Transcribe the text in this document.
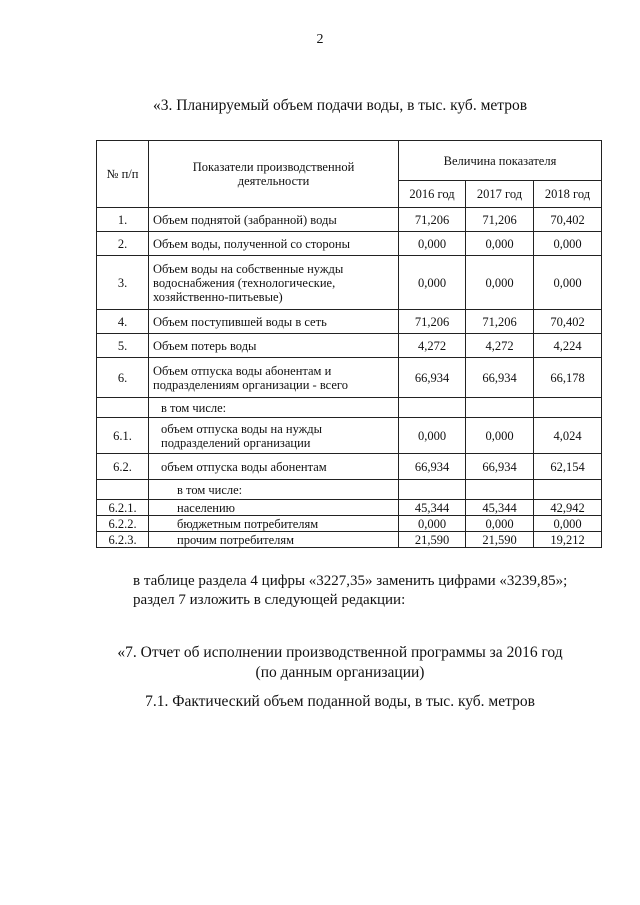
2
«3. Планируемый объем подачи воды, в тыс. куб. метров
№ п/п	Показатели производственной деятельности	Величина показателя		
		2016 год	2017 год	2018 год
1.	Объем поднятой (забранной) воды	71,206	71,206	70,402
2.	Объем воды, полученной со стороны	0,000	0,000	0,000
3.	Объем воды на собственные нужды водоснабжения (технологические, хозяйственно-питьевые)	0,000	0,000	0,000
4.	Объем поступившей воды в сеть	71,206	71,206	70,402
5.	Объем потерь воды	4,272	4,272	4,224
6.	Объем отпуска воды абонентам и подразделениям организации - всего	66,934	66,934	66,178
	в том числе:			
6.1.	объем отпуска воды на нужды подразделений организации	0,000	0,000	4,024
6.2.	объем отпуска воды абонентам	66,934	66,934	62,154
	в том числе:			
6.2.1.	населению	45,344	45,344	42,942
6.2.2.	бюджетным потребителям	0,000	0,000	0,000
6.2.3.	прочим потребителям	21,590	21,590	19,212
в таблице раздела 4 цифры «3227,35» заменить цифрами «3239,85»;
раздел 7 изложить в следующей редакции:
«7. Отчет об исполнении производственной программы за 2016 год
(по данным организации)
7.1. Фактический объем поданной воды, в тыс. куб. метров
